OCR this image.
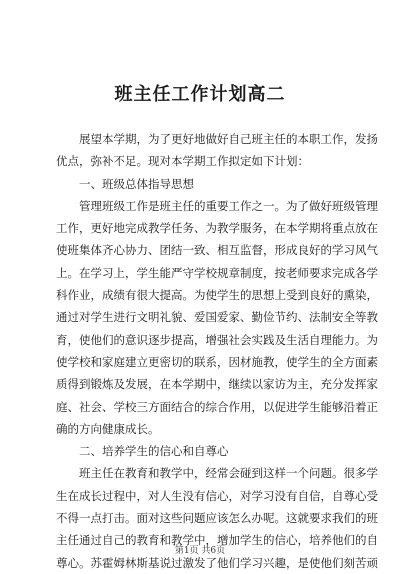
班主任工作计划高二
展望本学期，为了更好地做好自己班主任的本职工作，发扬
优点，弥补不足。现对本学期工作拟定如下计划：
一、班级总体指导思想
管理班级工作是班主任的重要工作之一。为了做好班级管理
工作，更好地完成教学任务、为教学服务，在本学期将重点放在
使班集体齐心协力、团结一致、相互监督，形成良好的学习风气
上。在学习上，学生能严守学校规章制度，按老师要求完成各学
科作业，成绩有很大提高。为使学生的思想上受到良好的熏染，
通过对学生进行文明礼貌、爱国爱家、勤俭节约、法制安全等教
育，使他们的意识逐步提高，增强社会实践及生活自理能力。为
使学校和家庭建立更密切的联系，因材施教，使学生的全方面素
质得到锻炼及发展，在本学期中，继续以家访为主，充分发挥家
庭、社会、学校三方面结合的综合作用，以促进学生能够沿着正
确的方向健康成长。
二、培养学生的信心和自尊心
班主任在教育和教学中，经常会碰到这样一个问题。很多学
生在成长过程中，对人生没有信心，对学习没有自信，自尊心受
不得一点打击。面对这些问题应该怎么办呢。这就要求我们的班
主任通过自己的教育和教学中，增加学生的信心，培养他们的自
尊心。苏霍姆林斯基说过激发了他们学习兴趣，是使他们刻苦顽
第1页 共6页
